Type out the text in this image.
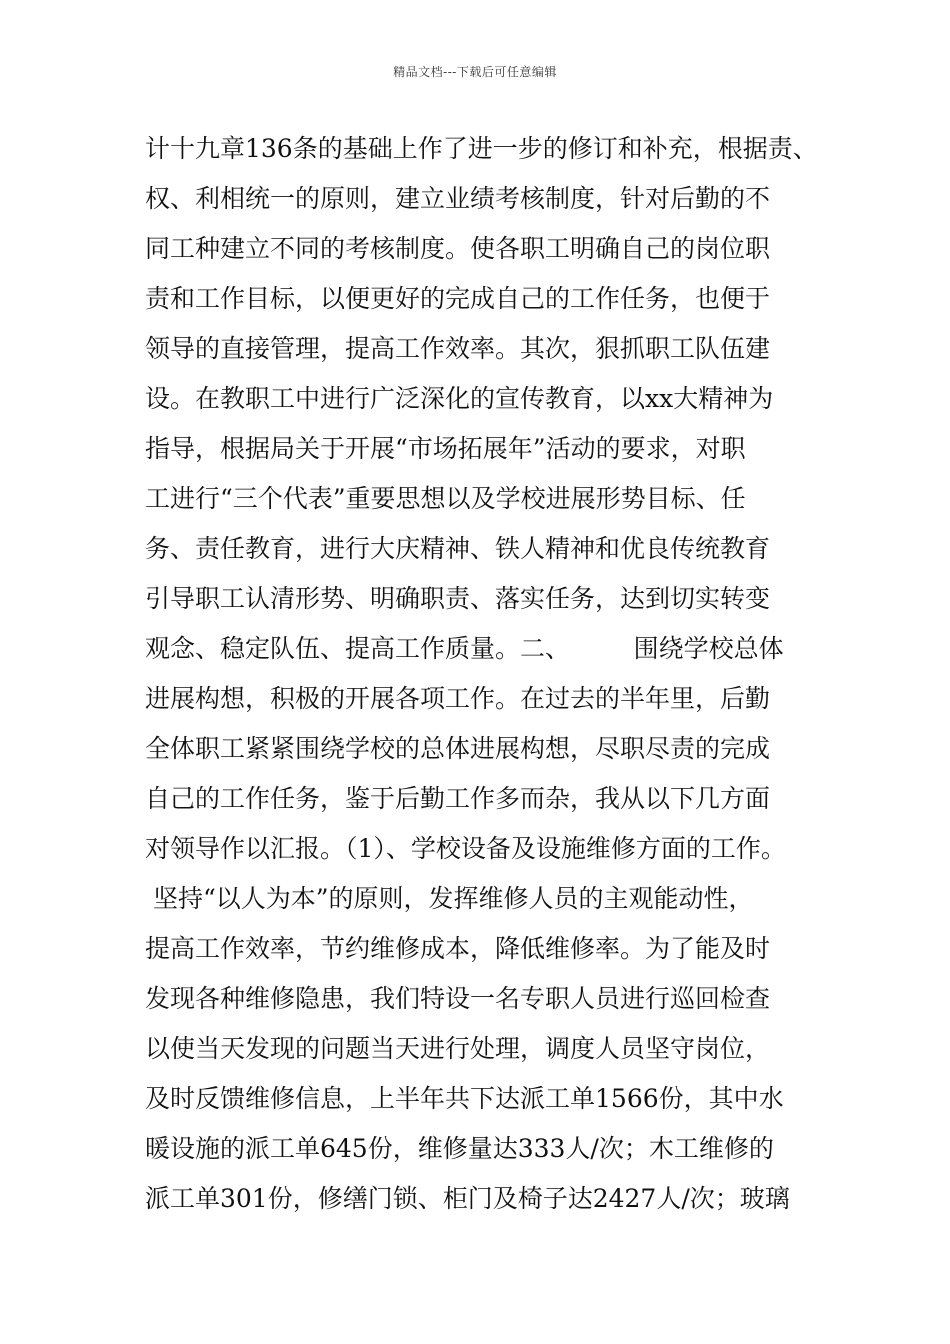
精品文档---下载后可任意编辑
计十九章136条的基础上作了进一步的修订和补充，根据责、
权、利相统一的原则，建立业绩考核制度，针对后勤的不
同工种建立不同的考核制度。使各职工明确自己的岗位职
责和工作目标，以便更好的完成自己的工作任务，也便于
领导的直接管理，提高工作效率。其次，狠抓职工队伍建
设。在教职工中进行广泛深化的宣传教育，以xx大精神为
指导，根据局关于开展“市场拓展年”活动的要求，对职
工进行“三个代表”重要思想以及学校进展形势目标、任
务、责任教育，进行大庆精神、铁人精神和优良传统教育
引导职工认清形势、明确职责、落实任务，达到切实转变
观念、稳定队伍、提高工作质量。二、        围绕学校总体
进展构想，积极的开展各项工作。在过去的半年里，后勤
全体职工紧紧围绕学校的总体进展构想，尽职尽责的完成
自己的工作任务，鉴于后勤工作多而杂，我从以下几方面
对领导作以汇报。（1）、学校设备及设施维修方面的工作。
坚持“以人为本”的原则，发挥维修人员的主观能动性，
提高工作效率，节约维修成本，降低维修率。为了能及时
发现各种维修隐患，我们特设一名专职人员进行巡回检查
以使当天发现的问题当天进行处理，调度人员坚守岗位，
及时反馈维修信息，上半年共下达派工单1566份，其中水
暖设施的派工单645份，维修量达333人/次；木工维修的
派工单301份，修缮门锁、柜门及椅子达2427人/次；玻璃
